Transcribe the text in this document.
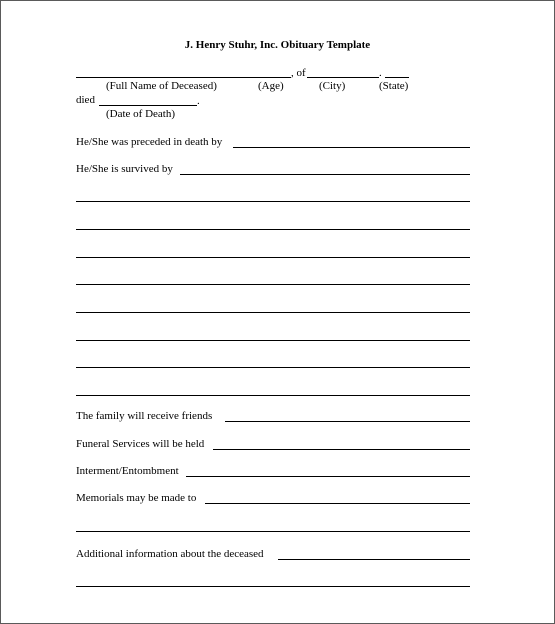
J. Henry Stuhr, Inc. Obituary Template
, of	.
(Full Name of Deceased)	(Age)	(City)	(State)
died	.
(Date of Death)
He/She was preceded in death by
He/She is survived by
The family will receive friends
Funeral Services will be held
Interment/Entombment
Memorials may be made to
Additional information about the deceased
